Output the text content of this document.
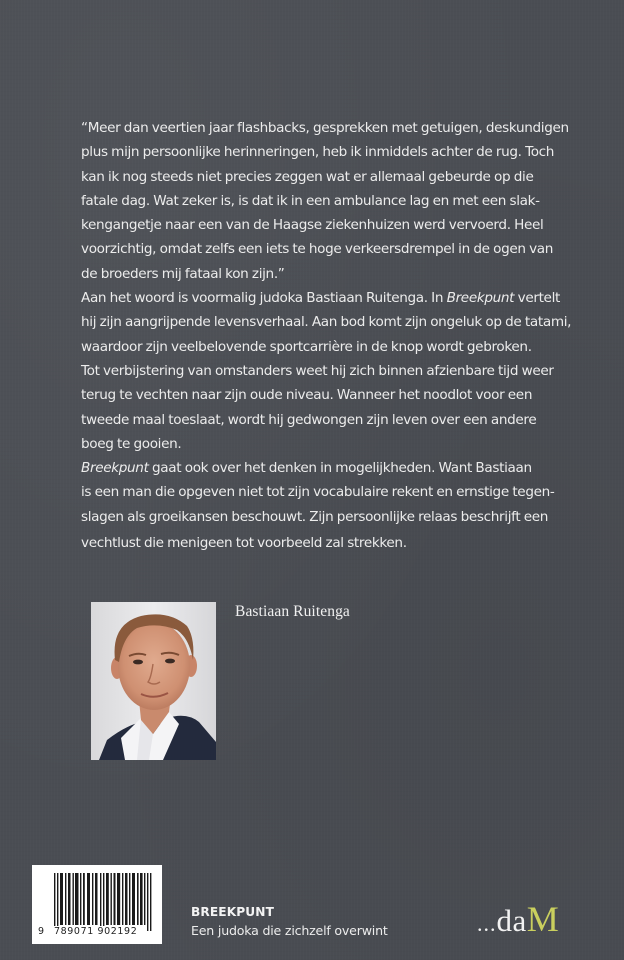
“Meer dan veertien jaar flashbacks, gesprekken met getuigen, deskundigen
plus mijn persoonlijke herinneringen, heb ik inmiddels achter de rug. Toch
kan ik nog steeds niet precies zeggen wat er allemaal gebeurde op die
fatale dag. Wat zeker is, is dat ik in een ambulance lag en met een slak-
kengangetje naar een van de Haagse ziekenhuizen werd vervoerd. Heel
voorzichtig, omdat zelfs een iets te hoge verkeersdrempel in de ogen van
de broeders mij fataal kon zijn.”
Aan het woord is voormalig judoka Bastiaan Ruitenga. In Breekpunt vertelt
hij zijn aangrijpende levensverhaal. Aan bod komt zijn ongeluk op de tatami,
waardoor zijn veelbelovende sportcarrière in de knop wordt gebroken.
Tot verbijstering van omstanders weet hij zich binnen afzienbare tijd weer
terug te vechten naar zijn oude niveau. Wanneer het noodlot voor een
tweede maal toeslaat, wordt hij gedwongen zijn leven over een andere
boeg te gooien.
Breekpunt gaat ook over het denken in mogelijkheden. Want Bastiaan
is een man die opgeven niet tot zijn vocabulaire rekent en ernstige tegen-
slagen als groeikansen beschouwt. Zijn persoonlijke relaas beschrijft een
vechtlust die menigeen tot voorbeeld zal strekken.
Bastiaan Ruitenga
9 789071 902192
BREEKPUNT
Een judoka die zichzelf overwint	...daM
